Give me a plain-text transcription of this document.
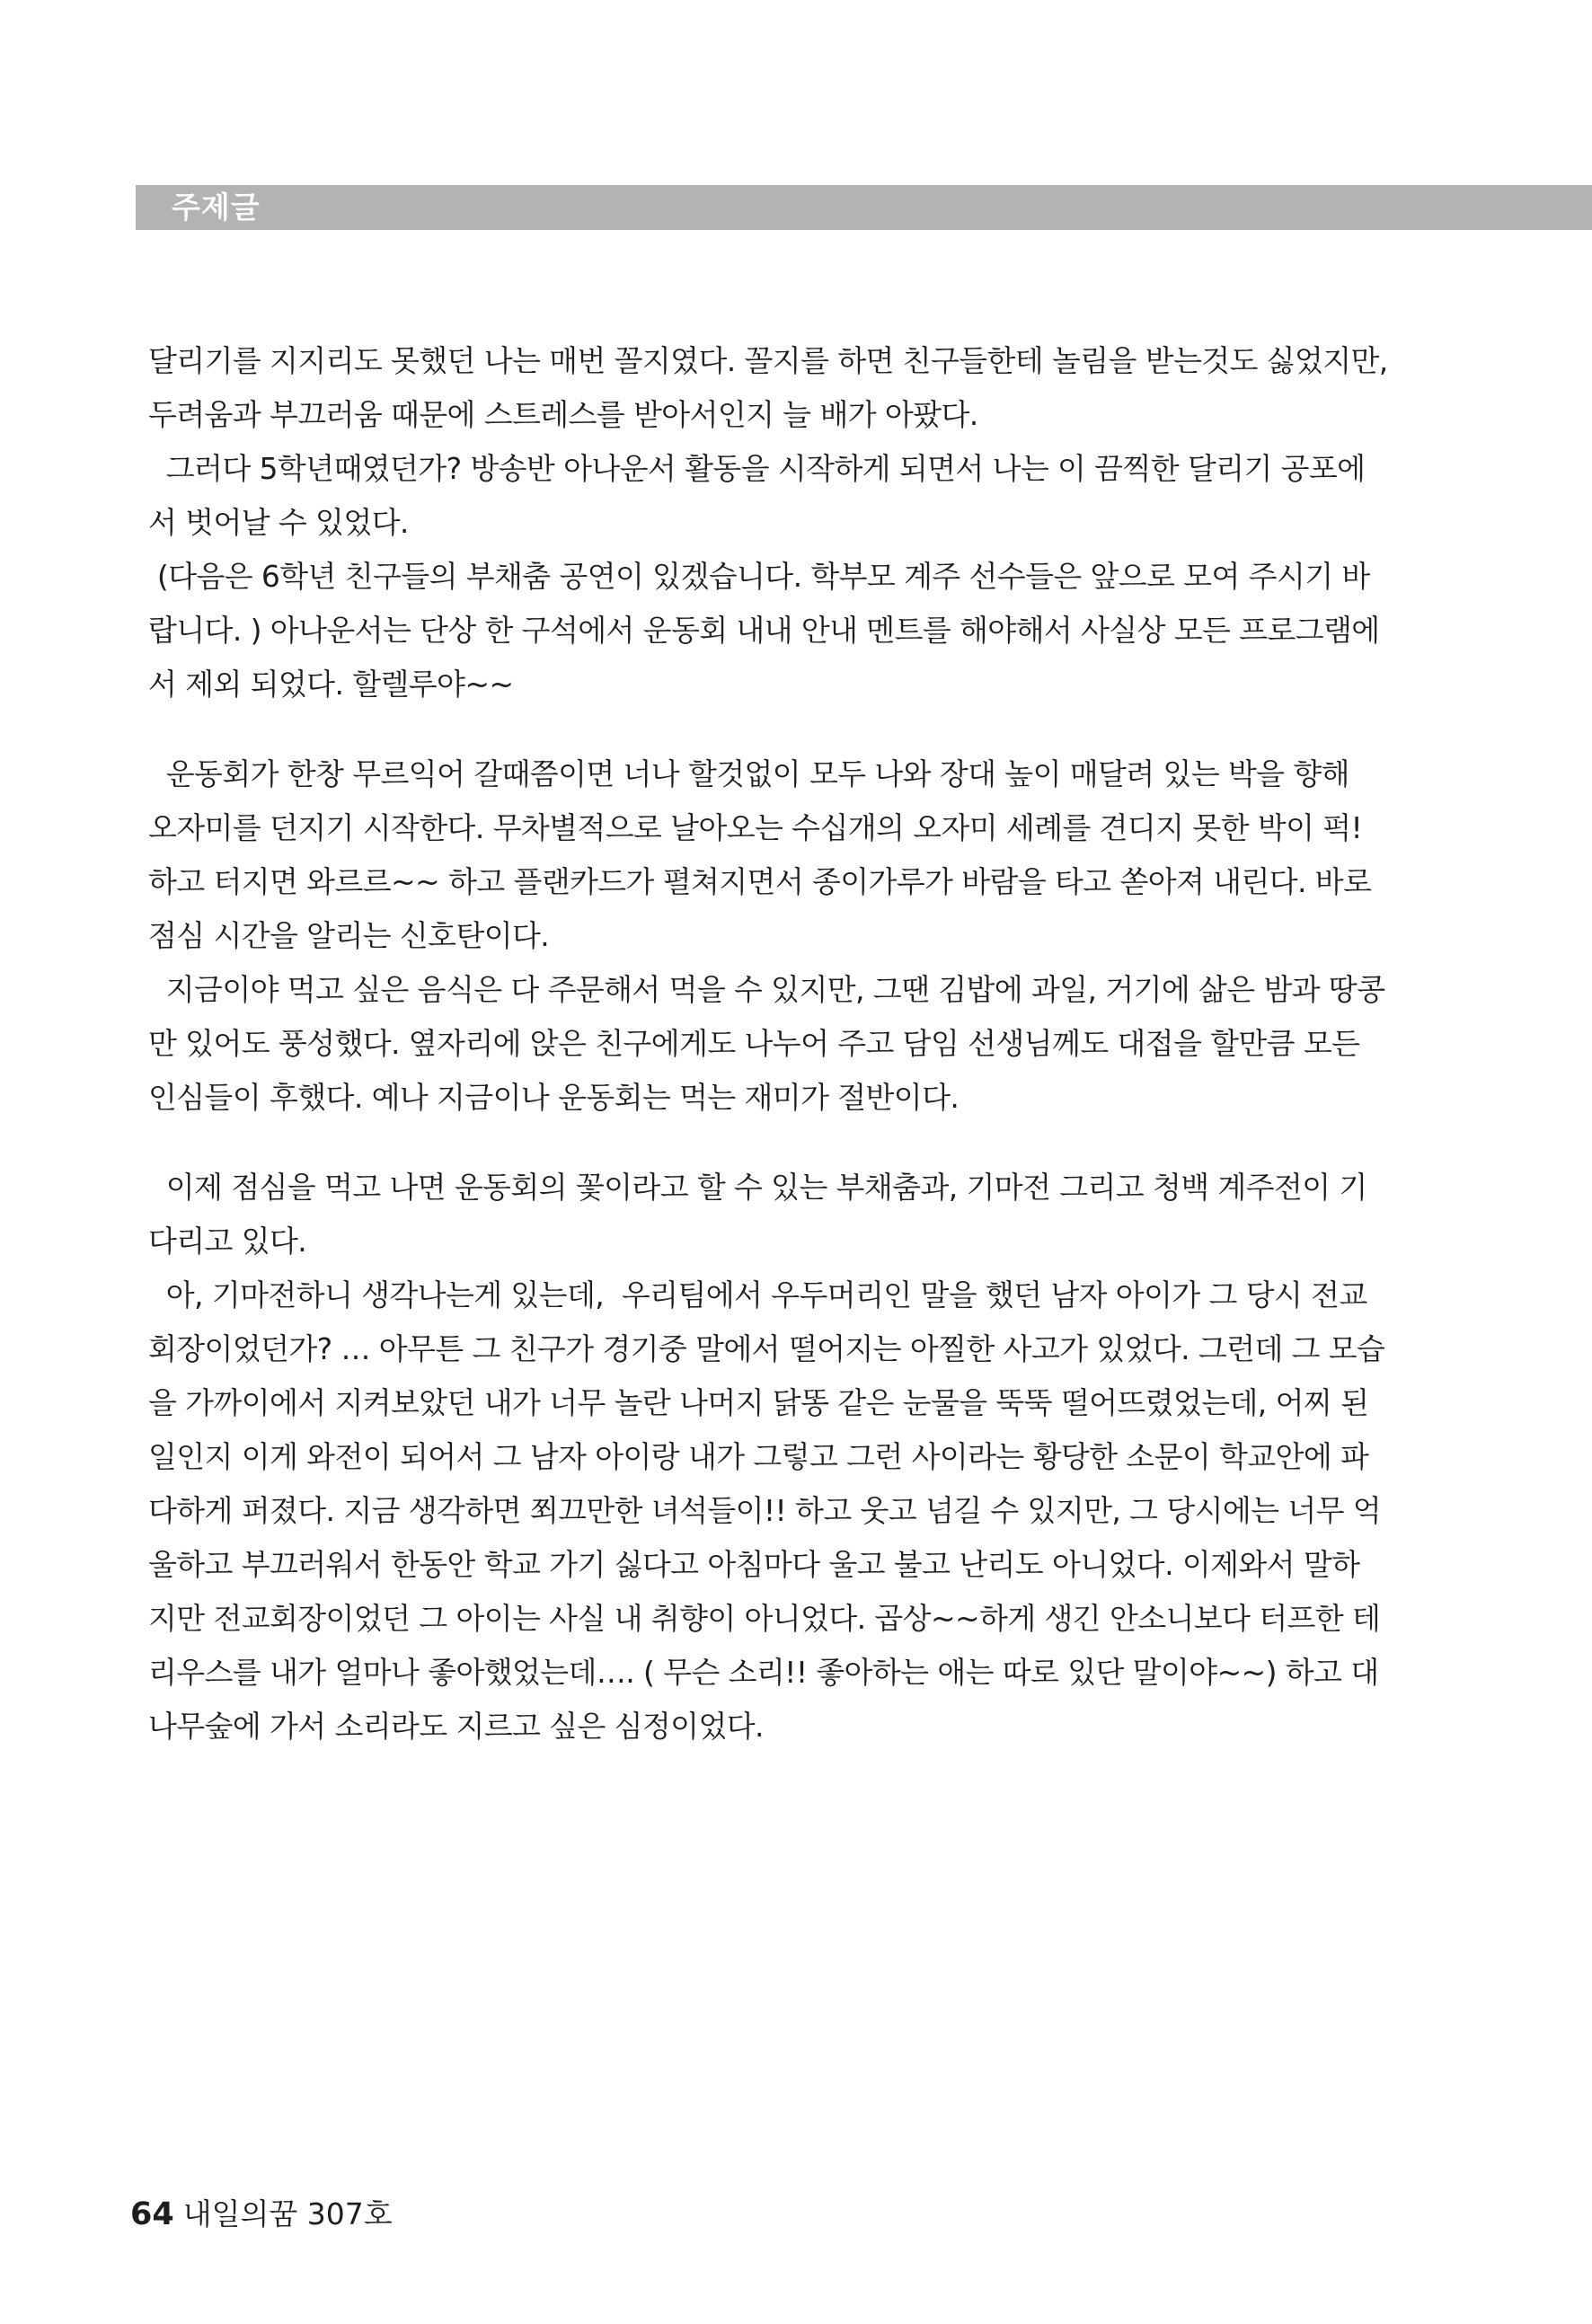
주제글
달리기를 지지리도 못했던 나는 매번 꼴지였다. 꼴지를 하면 친구들한테 놀림을 받는것도 싫었지만,
두려움과 부끄러움 때문에 스트레스를 받아서인지 늘 배가 아팠다.
그러다 5학년때였던가? 방송반 아나운서 활동을 시작하게 되면서 나는 이 끔찍한 달리기 공포에
서 벗어날 수 있었다.
(다음은 6학년 친구들의 부채춤 공연이 있겠습니다. 학부모 계주 선수들은 앞으로 모여 주시기 바
랍니다. ) 아나운서는 단상 한 구석에서 운동회 내내 안내 멘트를 해야해서 사실상 모든 프로그램에
서 제외 되었다. 할렐루야~~
운동회가 한창 무르익어 갈때쯤이면 너나 할것없이 모두 나와 장대 높이 매달려 있는 박을 향해
오자미를 던지기 시작한다. 무차별적으로 날아오는 수십개의 오자미 세례를 견디지 못한 박이 퍽!
하고 터지면 와르르~~ 하고 플랜카드가 펼쳐지면서 종이가루가 바람을 타고 쏟아져 내린다. 바로
점심 시간을 알리는 신호탄이다.
지금이야 먹고 싶은 음식은 다 주문해서 먹을 수 있지만, 그땐 김밥에 과일, 거기에 삶은 밤과 땅콩
만 있어도 풍성했다. 옆자리에 앉은 친구에게도 나누어 주고 담임 선생님께도 대접을 할만큼 모든
인심들이 후했다. 예나 지금이나 운동회는 먹는 재미가 절반이다.
이제 점심을 먹고 나면 운동회의 꽃이라고 할 수 있는 부채춤과, 기마전 그리고 청백 계주전이 기
다리고 있다.
아, 기마전하니 생각나는게 있는데,  우리팀에서 우두머리인 말을 했던 남자 아이가 그 당시 전교
회장이었던가? … 아무튼 그 친구가 경기중 말에서 떨어지는 아찔한 사고가 있었다. 그런데 그 모습
을 가까이에서 지켜보았던 내가 너무 놀란 나머지 닭똥 같은 눈물을 뚝뚝 떨어뜨렸었는데, 어찌 된
일인지 이게 와전이 되어서 그 남자 아이랑 내가 그렇고 그런 사이라는 황당한 소문이 학교안에 파
다하게 퍼졌다. 지금 생각하면 쬐끄만한 녀석들이!! 하고 웃고 넘길 수 있지만, 그 당시에는 너무 억
울하고 부끄러워서 한동안 학교 가기 싫다고 아침마다 울고 불고 난리도 아니었다. 이제와서 말하
지만 전교회장이었던 그 아이는 사실 내 취향이 아니었다. 곱상~~하게 생긴 안소니보다 터프한 테
리우스를 내가 얼마나 좋아했었는데…. ( 무슨 소리!! 좋아하는 애는 따로 있단 말이야~~) 하고 대
나무숲에 가서 소리라도 지르고 싶은 심정이었다.
64 내일의꿈 307호
